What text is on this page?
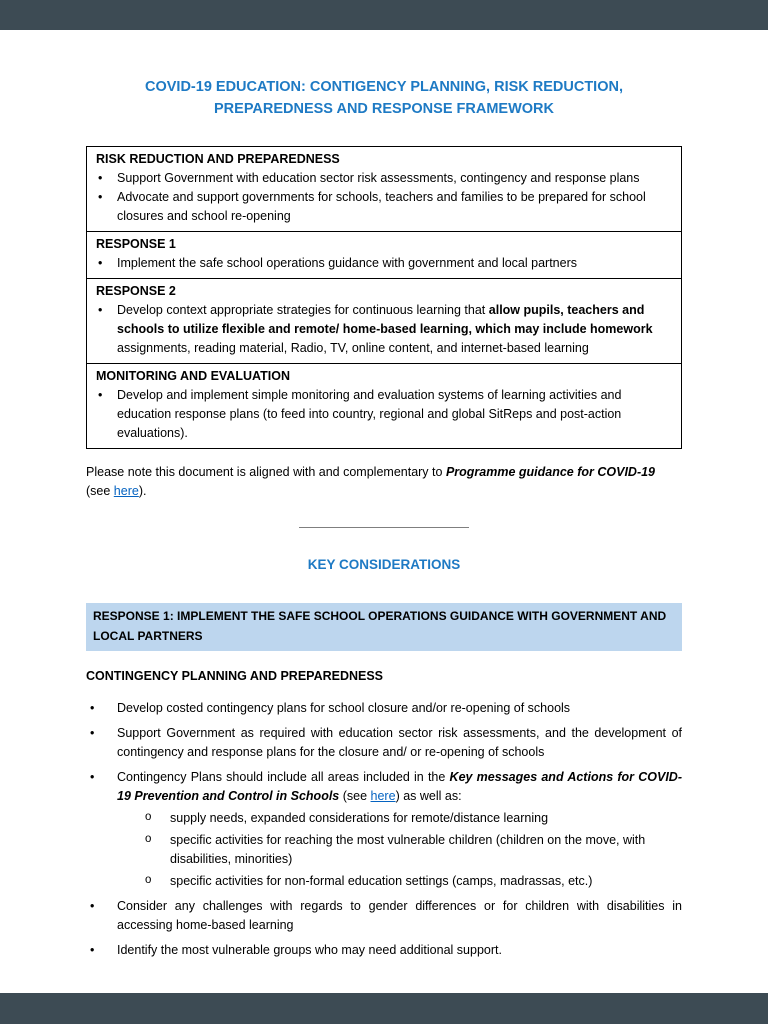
COVID-19 EDUCATION: CONTIGENCY PLANNING, RISK REDUCTION,
PREPAREDNESS AND RESPONSE FRAMEWORK
RISK REDUCTION AND PREPAREDNESS
•	Support Government with education sector risk assessments, contingency and response plans
•	Advocate and support governments for schools, teachers and families to be prepared for school closures and school re-opening
RESPONSE 1
•	Implement the safe school operations guidance with government and local partners
RESPONSE 2
•	Develop context appropriate strategies for continuous learning that allow pupils, teachers and schools to utilize flexible and remote/ home-based learning, which may include homework assignments, reading material, Radio, TV, online content, and internet-based learning
MONITORING AND EVALUATION
•	Develop and implement simple monitoring and evaluation systems of learning activities and education response plans (to feed into country, regional and global SitReps and post-action evaluations).

Please note this document is aligned with and complementary to Programme guidance for COVID-19 (see here).

KEY CONSIDERATIONS
RESPONSE 1: IMPLEMENT THE SAFE SCHOOL OPERATIONS GUIDANCE WITH GOVERNMENT AND LOCAL PARTNERS
CONTINGENCY PLANNING AND PREPAREDNESS
•	Develop costed contingency plans for school closure and/or re-opening of schools
•	Support Government as required with education sector risk assessments, and the development of contingency and response plans for the closure and/ or re-opening of schools
•	Contingency Plans should include all areas included in the Key messages and Actions for COVID-19 Prevention and Control in Schools (see here) as well as:
o	supply needs, expanded considerations for remote/distance learning
o	specific activities for reaching the most vulnerable children (children on the move, with disabilities, minorities)
o	specific activities for non-formal education settings (camps, madrassas, etc.)
•	Consider any challenges with regards to gender differences or for children with disabilities in accessing home-based learning
•	Identify the most vulnerable groups who may need additional support.
